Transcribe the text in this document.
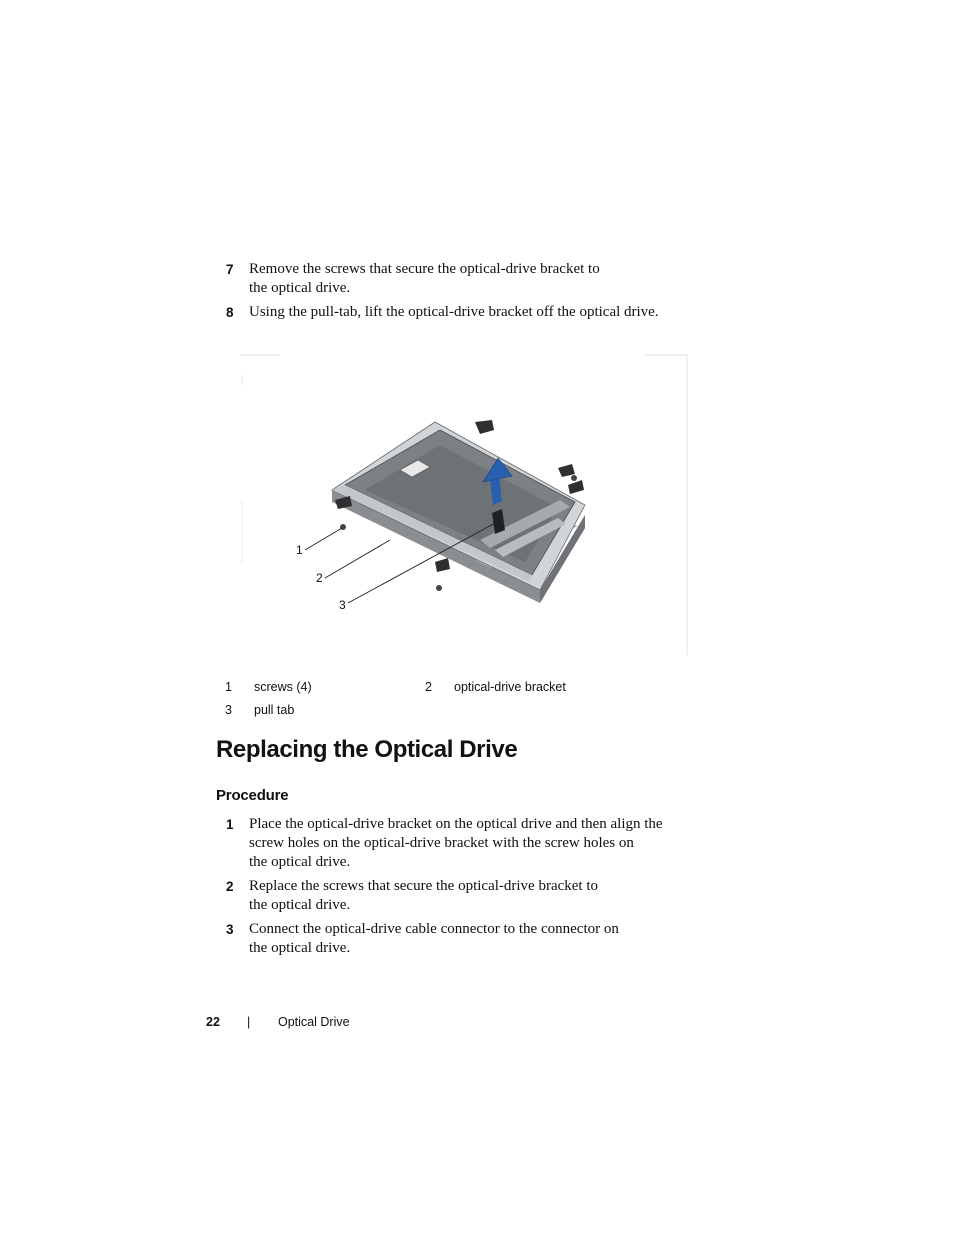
7 Remove the screws that secure the optical-drive bracket to
the optical drive.
8 Using the pull-tab, lift the optical-drive bracket off the optical drive.
1
2
3
1 screws (4)	2 optical-drive bracket
3 pull tab
Replacing the Optical Drive
Procedure
1 Place the optical-drive bracket on the optical drive and then align the
screw holes on the optical-drive bracket with the screw holes on
the optical drive.
2 Replace the screws that secure the optical-drive bracket to
the optical drive.
3 Connect the optical-drive cable connector to the connector on
the optical drive.
22 | Optical Drive
